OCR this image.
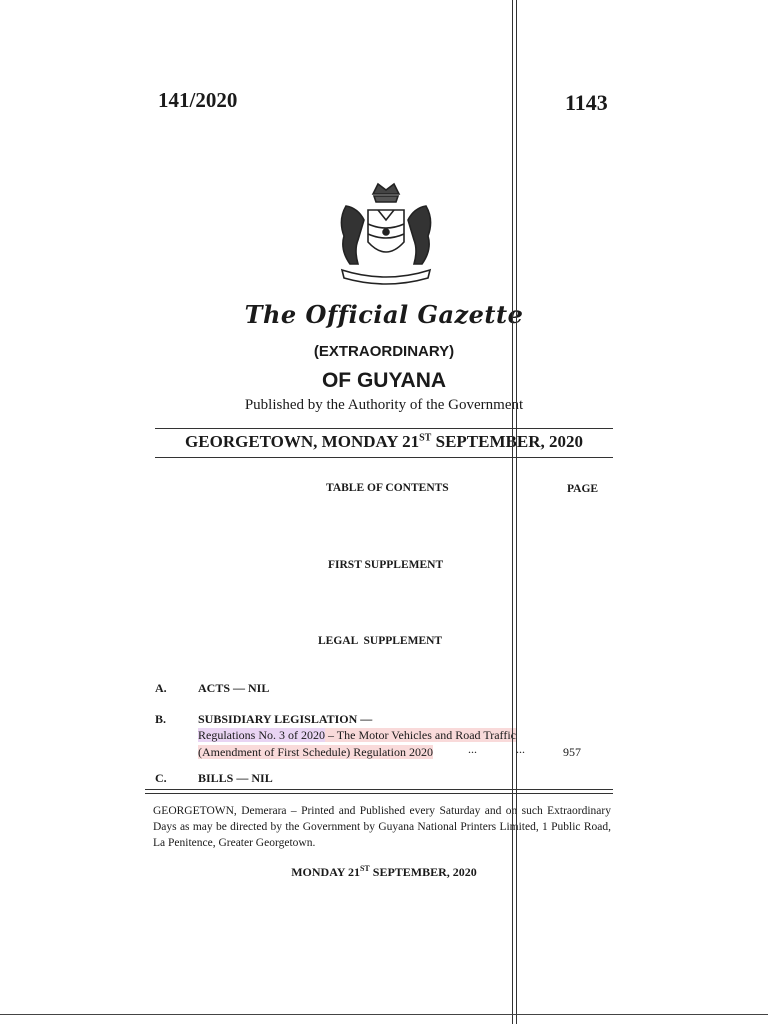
141/2020	1143
The Official Gazette
(EXTRAORDINARY)
OF GUYANA
Published by the Authority of the Government
GEORGETOWN, MONDAY 21ST SEPTEMBER, 2020
TABLE OF CONTENTS	PAGE
FIRST SUPPLEMENT
LEGAL SUPPLEMENT
A.	ACTS — NIL
B.	SUBSIDIARY LEGISLATION —
Regulations No. 3 of 2020 – The Motor Vehicles and Road Traffic
(Amendment of First Schedule) Regulation 2020	...	...	957
C.	BILLS — NIL
GEORGETOWN, Demerara – Printed and Published every Saturday and on such Extraordinary Days as may be directed by the Government by Guyana National Printers Limited, 1 Public Road, La Penitence, Greater Georgetown.
MONDAY 21ST SEPTEMBER, 2020
